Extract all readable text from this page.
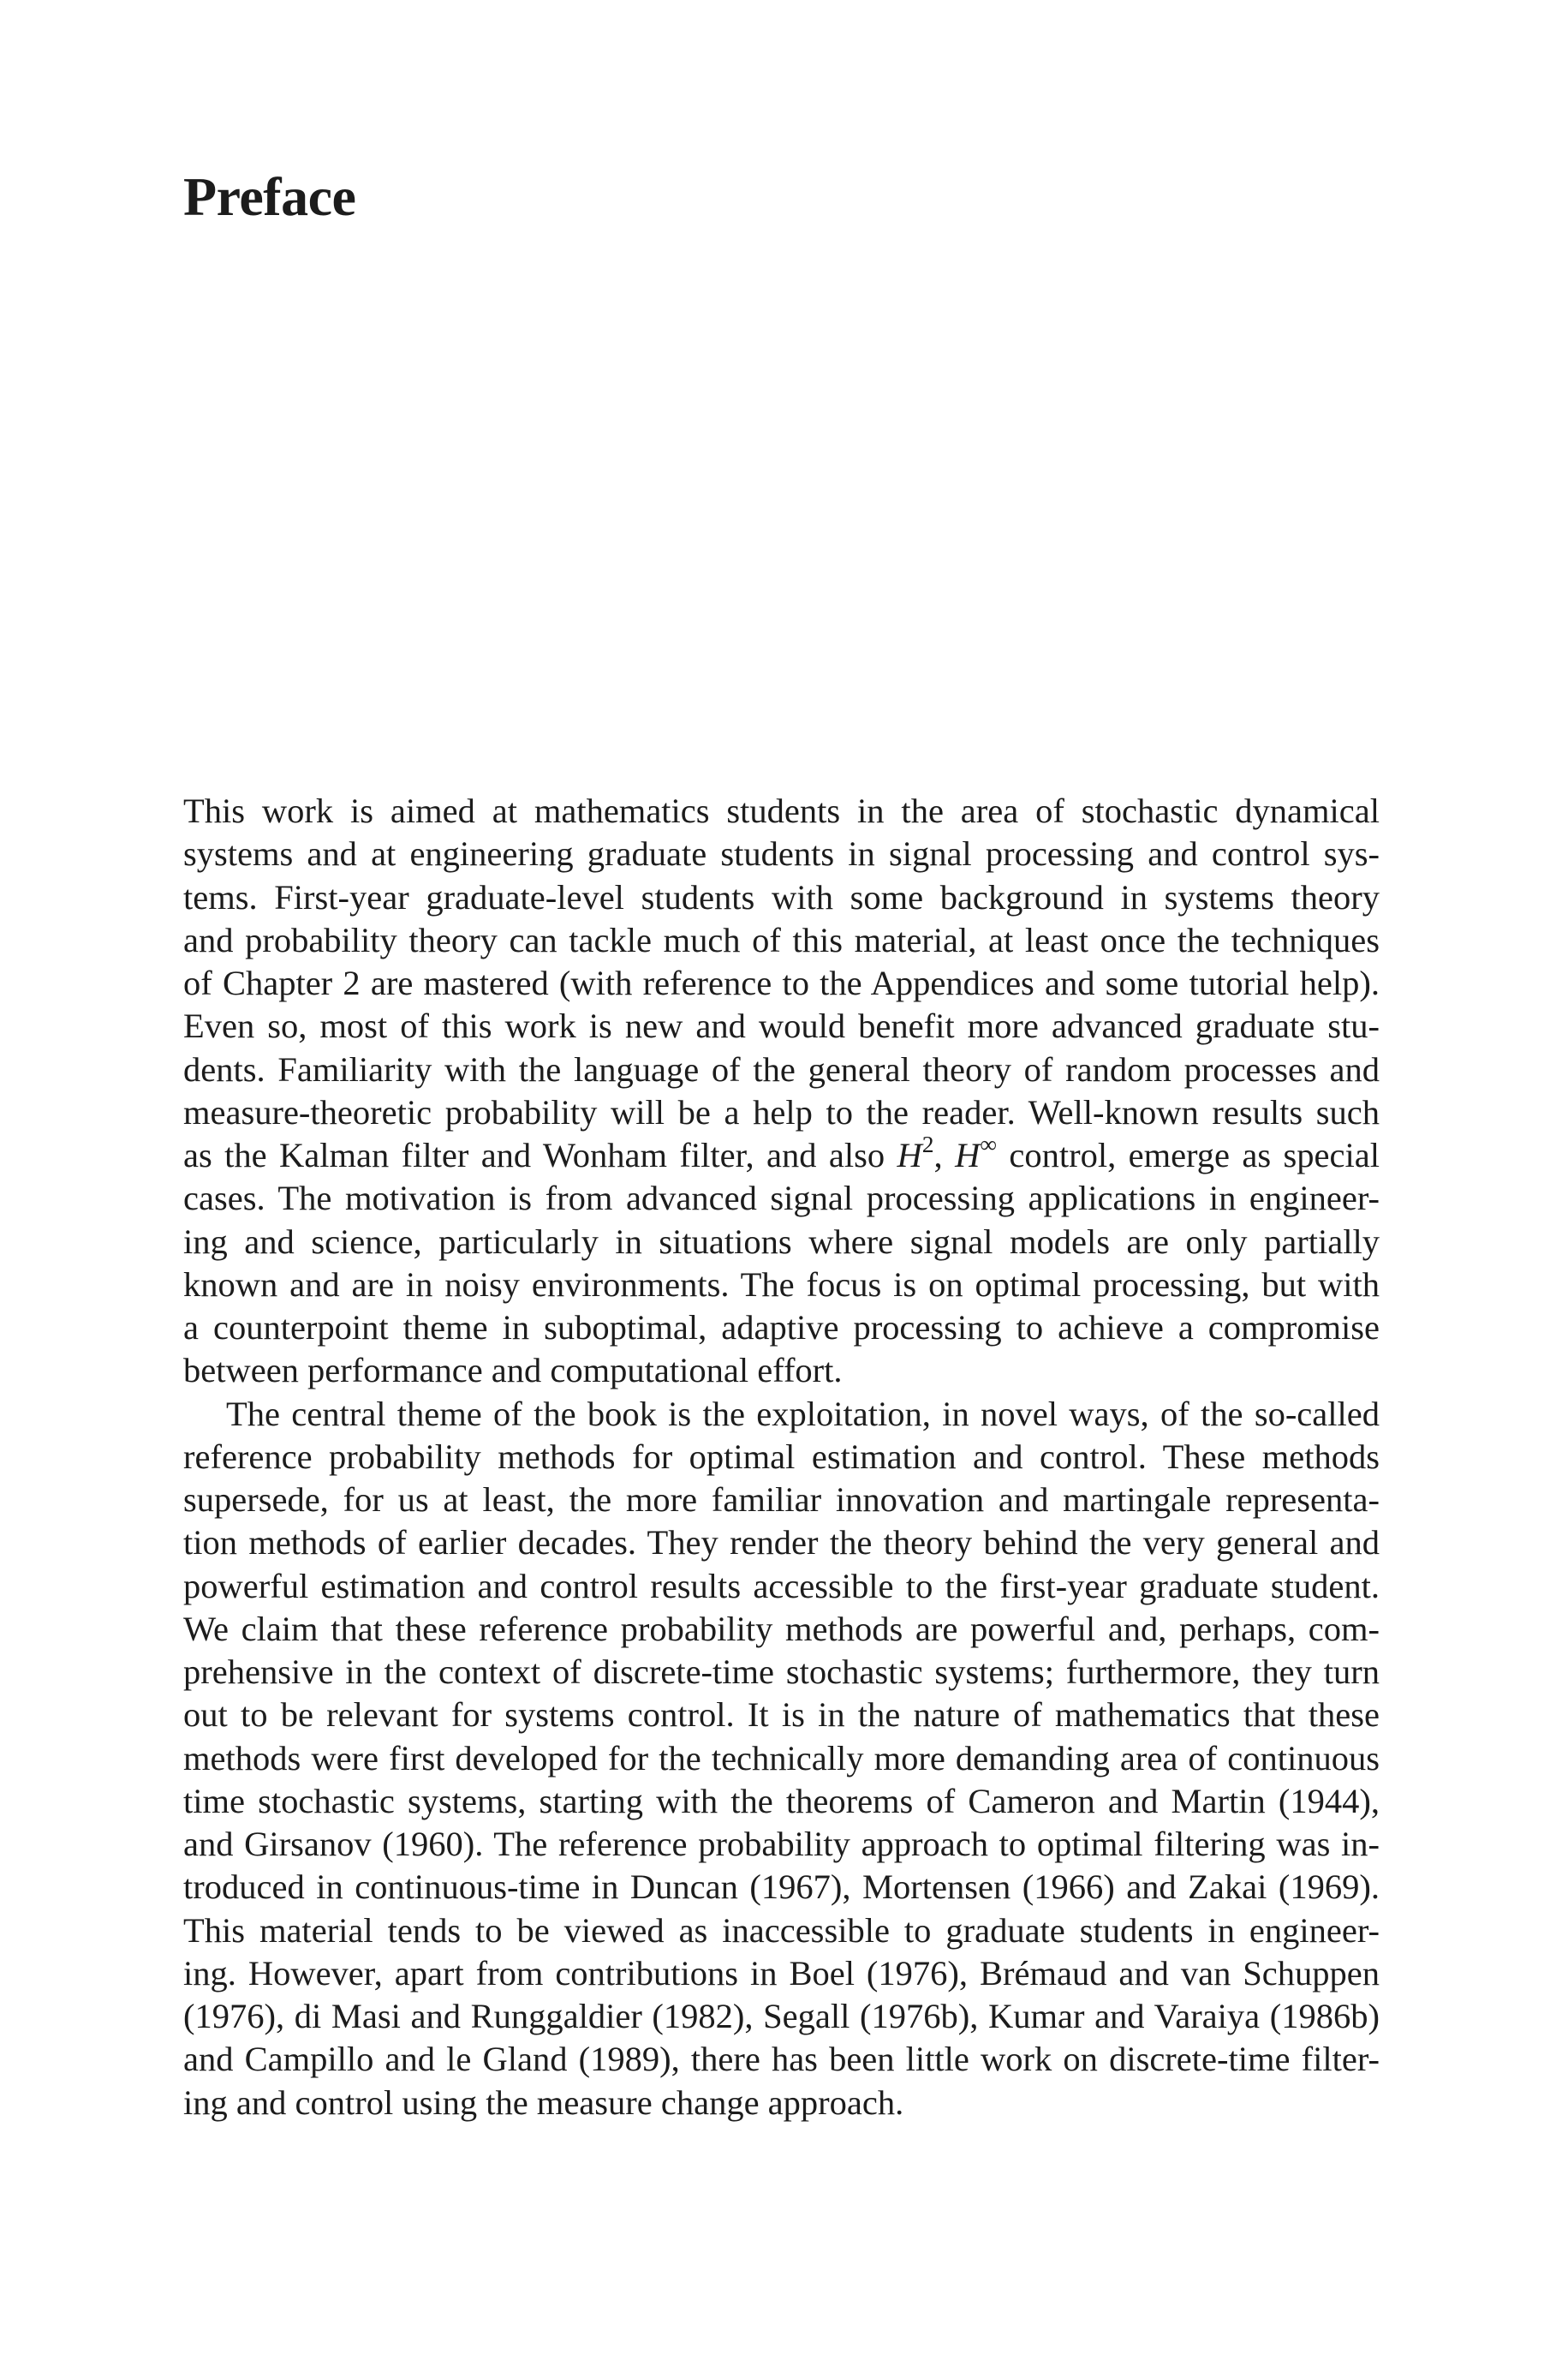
Preface

This work is aimed at mathematics students in the area of stochastic dynamical
systems and at engineering graduate students in signal processing and control sys-
tems. First-year graduate-level students with some background in systems theory
and probability theory can tackle much of this material, at least once the techniques
of Chapter 2 are mastered (with reference to the Appendices and some tutorial help).
Even so, most of this work is new and would benefit more advanced graduate stu-
dents. Familiarity with the language of the general theory of random processes and
measure-theoretic probability will be a help to the reader. Well-known results such
as the Kalman filter and Wonham filter, and also $H^2$, H∞ control, emerge as special
cases. The motivation is from advanced signal processing applications in engineer-
ing and science, particularly in situations where signal models are only partially
known and are in noisy environments. The focus is on optimal processing, but with
a counterpoint theme in suboptimal, adaptive processing to achieve a compromise
between performance and computational effort.

The central theme of the book is the exploitation, in novel ways, of the so-called
reference probability methods for optimal estimation and control. These methods
supersede, for us at least, the more familiar innovation and martingale representa-
tion methods of earlier decades. They render the theory behind the very general and
powerful estimation and control results accessible to the first-year graduate student.
We claim that these reference probability methods are powerful and, perhaps, com-
prehensive in the context of discrete-time stochastic systems; furthermore, they turn
out to be relevant for systems control. It is in the nature of mathematics that these
methods were first developed for the technically more demanding area of continuous
time stochastic systems, starting with the theorems of Cameron and Martin (1944),
and Girsanov (1960). The reference probability approach to optimal filtering was in-
troduced in continuous-time in Duncan (1967), Mortensen (1966) and Zakai (1969).
This material tends to be viewed as inaccessible to graduate students in engineer-
ing. However, apart from contributions in Boel (1976), Brémaud and van Schuppen
(1976), di Masi and Runggaldier (1982), Segall (1976b), Kumar and Varaiya (1986b)
and Campillo and le Gland (1989), there has been little work on discrete-time filter-
ing and control using the measure change approach.
